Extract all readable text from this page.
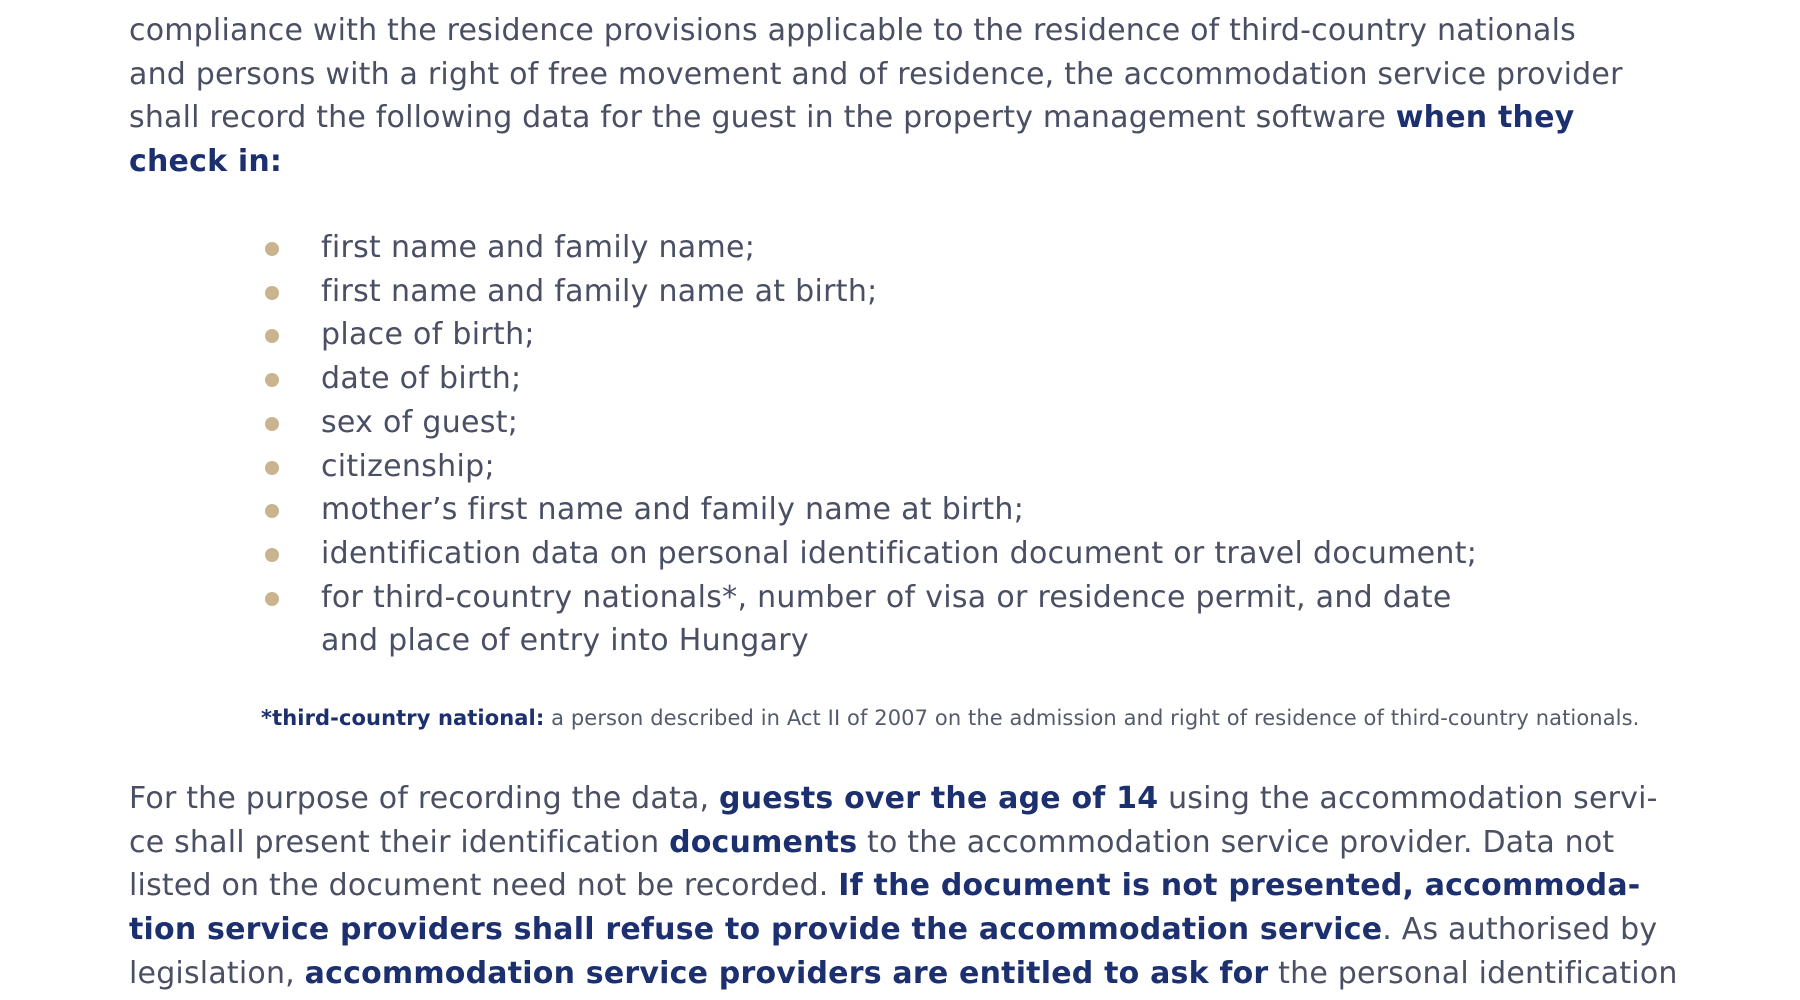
compliance with the residence provisions applicable to the residence of third-country nationals
and persons with a right of free movement and of residence, the accommodation service provider
shall record the following data for the guest in the property management software when they
check in:
first name and family name;
first name and family name at birth;
place of birth;
date of birth;
sex of guest;
citizenship;
mother’s first name and family name at birth;
identification data on personal identification document or travel document;
for third-country nationals*, number of visa or residence permit, and date and place of entry into Hungary
*third-country national: a person described in Act II of 2007 on the admission and right of residence of third-country nationals.
For the purpose of recording the data, guests over the age of 14 using the accommodation servi-
ce shall present their identification documents to the accommodation service provider. Data not
listed on the document need not be recorded. If the document is not presented, accommoda-
tion service providers shall refuse to provide the accommodation service. As authorised by
legislation, accommodation service providers are entitled to ask for the personal identification
